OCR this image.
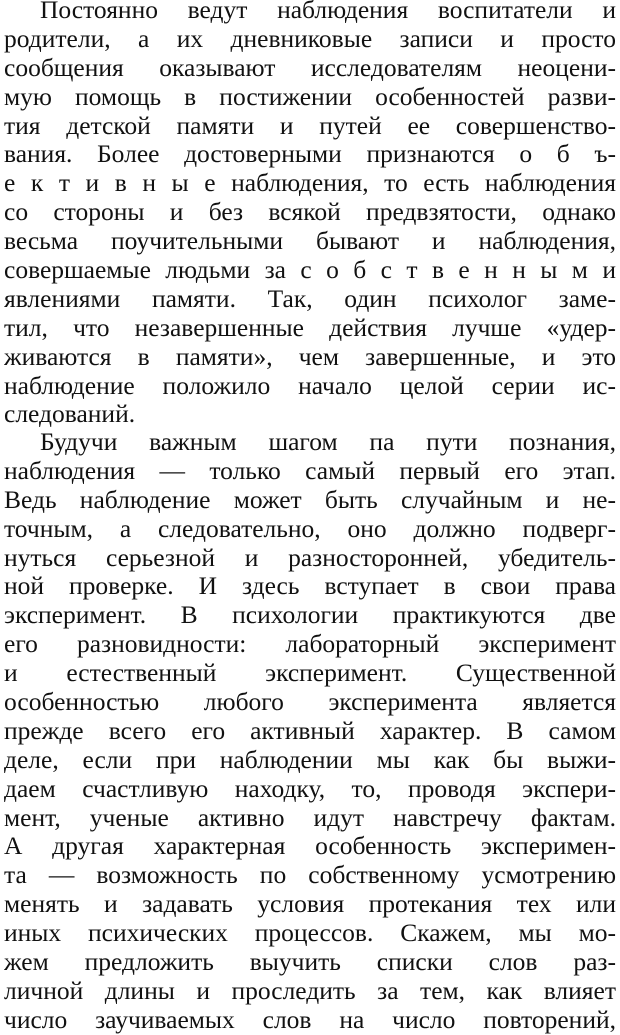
Постоянно ведут наблюдения воспитатели и
родители, а их дневниковые записи и просто
сообщения оказывают исследователям неоцени-
мую помощь в постижении особенностей разви-
тия детской памяти и путей ее совершенство-
вания. Более достоверными признаются о б ъ-
е к т и в н ы е наблюдения, то есть наблюдения
со стороны и без всякой предвзятости, однако
весьма поучительными бывают и наблюдения,
совершаемые людьми за с о б с т в е н н ы м и
явлениями памяти. Так, один психолог заме-
тил, что незавершенные действия лучше «удер-
живаются в памяти», чем завершенные, и это
наблюдение положило начало целой серии ис-
следований.
Будучи важным шагом па пути познания,
наблюдения — только самый первый его этап.
Ведь наблюдение может быть случайным и не-
точным, а следовательно, оно должно подверг-
нуться серьезной и разносторонней, убедитель-
ной проверке. И здесь вступает в свои права
эксперимент. В психологии практикуются две
его разновидности: лабораторный эксперимент
и естественный эксперимент. Существенной
особенностью любого эксперимента является
прежде всего его активный характер. В самом
деле, если при наблюдении мы как бы выжи-
даем счастливую находку, то, проводя экспери-
мент, ученые активно идут навстречу фактам.
А другая характерная особенность эксперимен-
та — возможность по собственному усмотрению
менять и задавать условия протекания тех или
иных психических процессов. Скажем, мы мо-
жем предложить выучить списки слов раз-
личной длины и проследить за тем, как влияет
число заучиваемых слов на число повторений,
